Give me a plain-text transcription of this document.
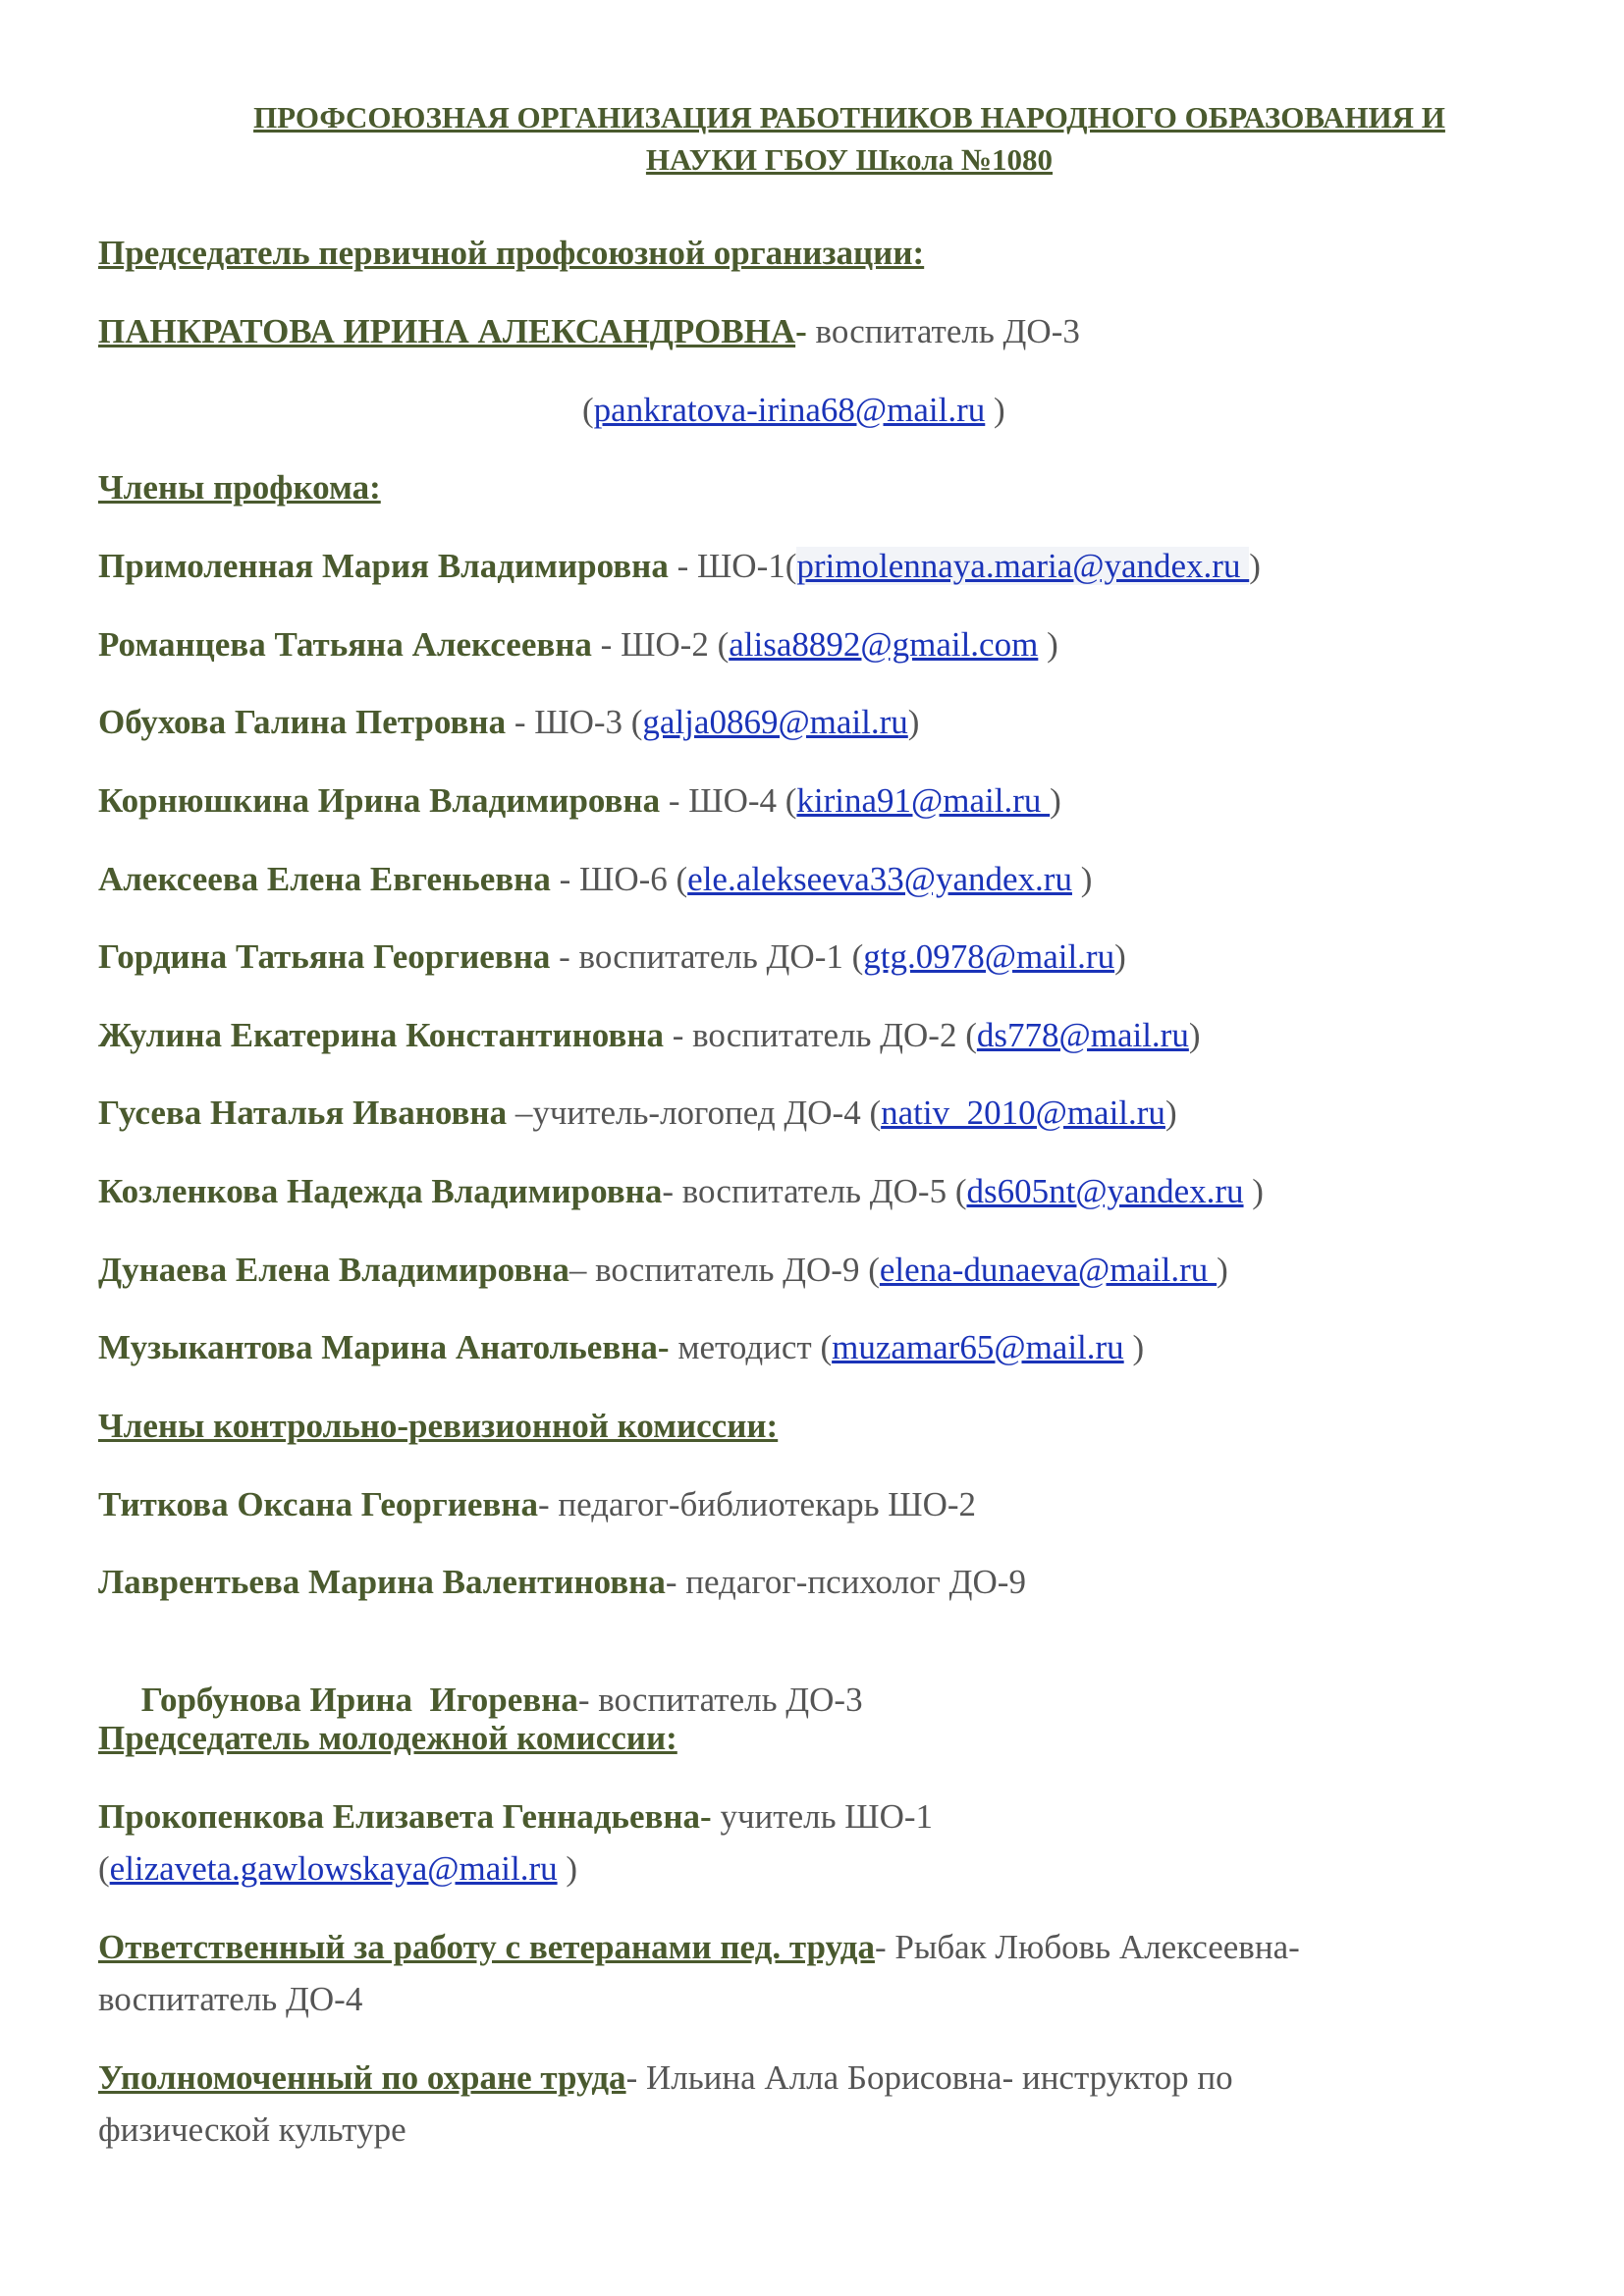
ПРОФСОЮЗНАЯ ОРГАНИЗАЦИЯ РАБОТНИКОВ НАРОДНОГО ОБРАЗОВАНИЯ И
НАУКИ ГБОУ Школа №1080
Председатель первичной профсоюзной организации:
ПАНКРАТОВА ИРИНА АЛЕКСАНДРОВНА- воспитатель ДО-3
(pankratova-irina68@mail.ru )
Члены профкома:
Примоленная Мария Владимировна - ШО-1(primolennaya.maria@yandex.ru )
Романцева Татьяна Алексеевна - ШО-2 (alisa8892@gmail.com )
Обухова Галина Петровна - ШО-3 (galja0869@mail.ru)
Корнюшкина Ирина Владимировна - ШО-4 (kirina91@mail.ru )
Алексеева Елена Евгеньевна - ШО-6 (ele.alekseeva33@yandex.ru )
Гордина Татьяна Георгиевна - воспитатель ДО-1 (gtg.0978@mail.ru)
Жулина Екатерина Константиновна - воспитатель ДО-2 (ds778@mail.ru)
Гусева Наталья Ивановна –учитель-логопед ДО-4 (nativ_2010@mail.ru)
Козленкова Надежда Владимировна- воспитатель ДО-5 (ds605nt@yandex.ru )
Дунаева Елена Владимировна– воспитатель ДО-9 (elena-dunaeva@mail.ru )
Музыкантова Марина Анатольевна- методист (muzamar65@mail.ru )
Члены контрольно-ревизионной комиссии:
Титкова Оксана Георгиевна- педагог-библиотекарь ШО-2
Лаврентьева Марина Валентиновна- педагог-психолог ДО-9

Горбунова Ирина  Игоревна- воспитатель ДО-3

Председатель молодежной комиссии:
Прокопенкова Елизавета Геннадьевна- учитель ШО-1
(elizaveta.gawlowskaya@mail.ru )
Ответственный за работу с ветеранами пед. труда- Рыбак Любовь Алексеевна-
воспитатель ДО-4
Уполномоченный по охране труда- Ильина Алла Борисовна- инструктор по
физической культуре
